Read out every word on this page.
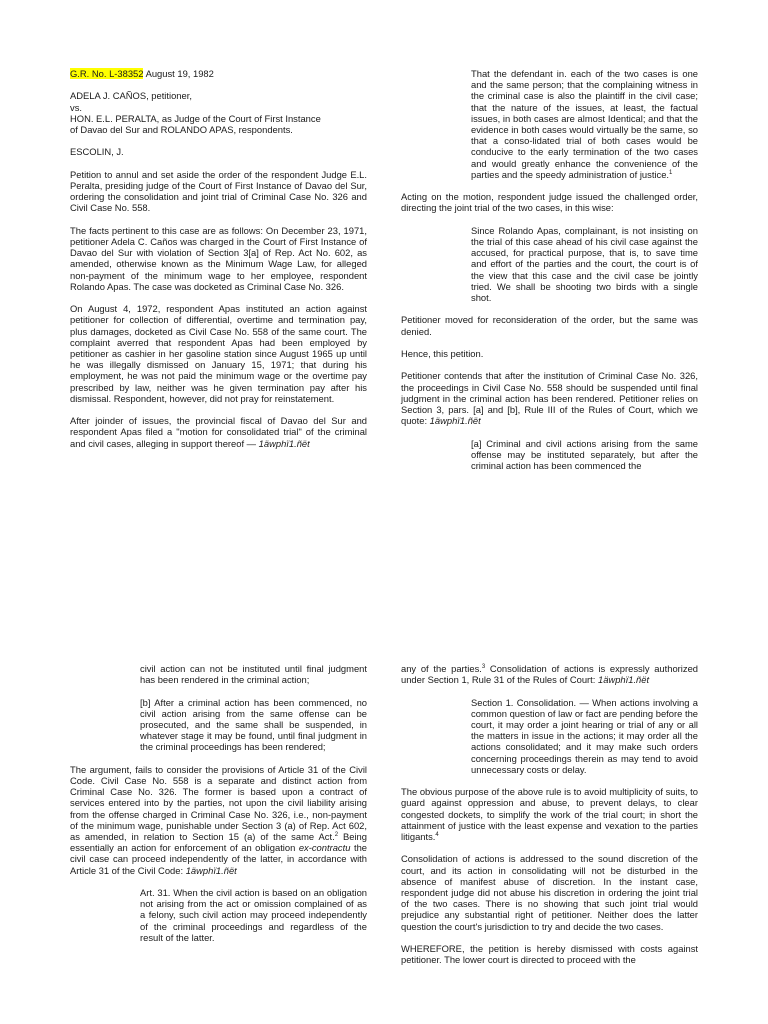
G.R. No. L-38352 August 19, 1982
ADELA J. CAÑOS, petitioner,
vs.
HON. E.L. PERALTA, as Judge of the Court of First Instance
of Davao del Sur and ROLANDO APAS, respondents.
ESCOLIN, J.
Petition to annul and set aside the order of the respondent Judge E.L. Peralta, presiding judge of the Court of First Instance of Davao del Sur, ordering the consolidation and joint trial of Criminal Case No. 326 and Civil Case No. 558.
The facts pertinent to this case are as follows: On December 23, 1971, petitioner Adela C. Caños was charged in the Court of First Instance of Davao del Sur with violation of Section 3[a] of Rep. Act No. 602, as amended, otherwise known as the Minimum Wage Law, for alleged non-payment of the minimum wage to her employee, respondent Rolando Apas. The case was docketed as Criminal Case No. 326.
On August 4, 1972, respondent Apas instituted an action against petitioner for collection of differential, overtime and termination pay, plus damages, docketed as Civil Case No. 558 of the same court. The complaint averred that respondent Apas had been employed by petitioner as cashier in her gasoline station since August 1965 up until he was illegally dismissed on January 15, 1971; that during his employment, he was not paid the minimum wage or the overtime pay prescribed by law, neither was he given termination pay after his dismissal. Respondent, however, did not pray for reinstatement.
After joinder of issues, the provincial fiscal of Davao del Sur and respondent Apas filed a "motion for consolidated trial" of the criminal and civil cases, alleging in support thereof — 1äwphï1.ñët
That the defendant in. each of the two cases is one and the same person; that the complaining witness in the criminal case is also the plaintiff in the civil case; that the nature of the issues, at least, the factual issues, in both cases are almost Identical; and that the evidence in both cases would virtually be the same, so that a conso-lidated trial of both cases would be conducive to the early termination of the two cases and would greatly enhance the convenience of the parties and the speedy administration of justice.$^1$
Acting on the motion, respondent judge issued the challenged order, directing the joint trial of the two cases, in this wise:
Since Rolando Apas, complainant, is not insisting on the trial of this case ahead of his civil case against the accused, for practical purpose, that is, to save time and effort of the parties and the court, the court is of the view that this case and the civil case be jointly tried. We shall be shooting two birds with a single shot.
Petitioner moved for reconsideration of the order, but the same was denied.
Hence, this petition.
Petitioner contends that after the institution of Criminal Case No. 326, the proceedings in Civil Case No. 558 should be suspended until final judgment in the criminal action has been rendered. Petitioner relies on Section 3, pars. [a] and [b], Rule III of the Rules of Court, which we quote: 1äwphï1.ñët
[a] Criminal and civil actions arising from the same offense may be instituted separately, but after the criminal action has been commenced the
civil action can not be instituted until final judgment has been rendered in the criminal action;
[b] After a criminal action has been commenced, no civil action arising from the same offense can be prosecuted, and the same shall be suspended, in whatever stage it may be found, until final judgment in the criminal proceedings has been rendered;
The argument, fails to consider the provisions of Article 31 of the Civil Code. Civil Case No. 558 is a separate and distinct action from Criminal Case No. 326. The former is based upon a contract of services entered into by the parties, not upon the civil liability arising from the offense charged in Criminal Case No. 326, i.e., non-payment of the minimum wage, punishable under Section 3 (a) of Rep. Act 602, as amended, in relation to Section 15 (a) of the same Act.$^2$ Being essentially an action for enforcement of an obligation ex-contractu the civil case can proceed independently of the latter, in accordance with Article 31 of the Civil Code: 1äwphï1.ñët
Art. 31. When the civil action is based on an obligation not arising from the act or omission complained of as a felony, such civil action may proceed independently of the criminal proceedings and regardless of the result of the latter.
any of the parties.$^3$ Consolidation of actions is expressly authorized under Section 1, Rule 31 of the Rules of Court: 1äwphï1.ñët
Section 1. Consolidation. — When actions involving a common question of law or fact are pending before the court, it may order a joint hearing or trial of any or all the matters in issue in the actions; it may order all the actions consolidated; and it may make such orders concerning proceedings therein as may tend to avoid unnecessary costs or delay.
The obvious purpose of the above rule is to avoid multiplicity of suits, to guard against oppression and abuse, to prevent delays, to clear congested dockets, to simplify the work of the trial court; in short the attainment of justice with the least expense and vexation to the parties litigants.$^4$
Consolidation of actions is addressed to the sound discretion of the court, and its action in consolidating will not be disturbed in the absence of manifest abuse of discretion. In the instant case, respondent judge did not abuse his discretion in ordering the joint trial of the two cases. There is no showing that such joint trial would prejudice any substantial right of petitioner. Neither does the latter question the court's jurisdiction to try and decide the two cases.
WHEREFORE, the petition is hereby dismissed with costs against petitioner. The lower court is directed to proceed with the
